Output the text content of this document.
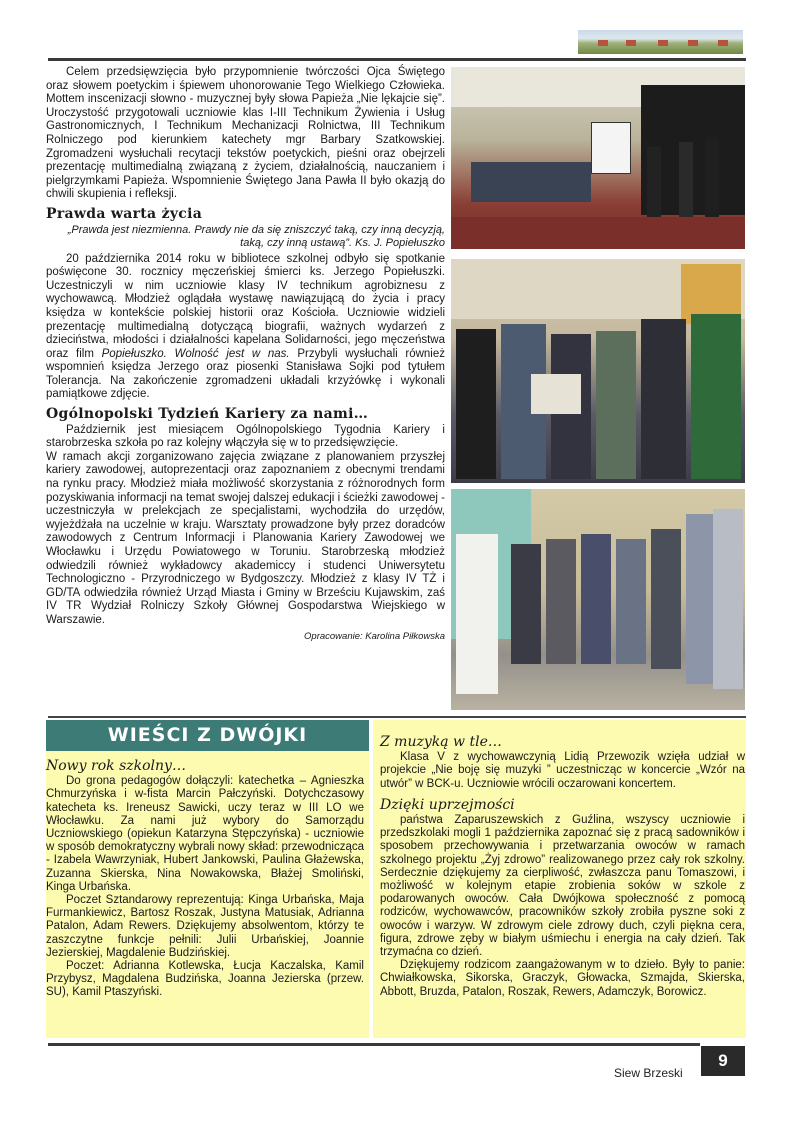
Celem przedsięwzięcia było przypomnienie twórczości Ojca Świętego oraz słowem poetyckim i śpiewem uhonorowanie Tego Wielkiego Człowieka. Mottem inscenizacji słowno - muzycznej były słowa Papieża „Nie lękajcie się”. Uroczystość przygotowali uczniowie klas I-III Technikum Żywienia i Usług Gastronomicznych, I Technikum Mechanizacji Rolnictwa, III Technikum Rolniczego pod kierunkiem katechety mgr Barbary Szatkowskiej. Zgromadzeni wysłuchali recytacji tekstów poetyckich, pieśni oraz obejrzeli prezentację multimedialną związaną z życiem, działalnością, nauczaniem i pielgrzymkami Papieża. Wspomnienie Świętego Jana Pawła II było okazją do chwili skupienia i refleksji.

Prawda warta życia
„Prawda jest niezmienna. Prawdy nie da się zniszczyć taką, czy inną decyzją, taką, czy inną ustawą”. Ks. J. Popiełuszko

20 października 2014 roku w bibliotece szkolnej odbyło się spotkanie poświęcone 30. rocznicy męczeńskiej śmierci ks. Jerzego Popiełuszki. Uczestniczyli w nim uczniowie klasy IV technikum agrobiznesu z wychowawcą. Młodzież oglądała wystawę nawiązującą do życia i pracy księdza w kontekście polskiej historii oraz Kościoła. Uczniowie widzieli prezentację multimedialną dotyczącą biografii, ważnych wydarzeń z dzieciństwa, młodości i działalności kapelana Solidarności, jego męczeństwa oraz film Popiełuszko. Wolność jest w nas. Przybyli wysłuchali również wspomnień księdza Jerzego oraz piosenki Stanisława Sojki pod tytułem Tolerancja. Na zakończenie zgromadzeni układali krzyżówkę i wykonali pamiątkowe zdjęcie.

Ogólnopolski Tydzień Kariery za nami…

Październik jest miesiącem Ogólnopolskiego Tygodnia Kariery i starobrzeska szkoła po raz kolejny włączyła się w to przedsięwzięcie.

W ramach akcji zorganizowano zajęcia związane z planowaniem przyszłej kariery zawodowej, autoprezentacji oraz zapoznaniem z obecnymi trendami na rynku pracy. Młodzież miała możliwość skorzystania z różnorodnych form pozyskiwania informacji na temat swojej dalszej edukacji i ścieżki zawodowej - uczestniczyła w prelekcjach ze specjalistami, wychodziła do urzędów, wyjeżdżała na uczelnie w kraju. Warsztaty prowadzone były przez doradców zawodowych z Centrum Informacji i Planowania Kariery Zawodowej we Włocławku i Urzędu Powiatowego w Toruniu. Starobrzeską młodzież odwiedzili również wykładowcy akademiccy i studenci Uniwersytetu Technologiczno - Przyrodniczego w Bydgoszczy. Młodzież z klasy IV TŻ i GD/TA odwiedziła również Urząd Miasta i Gminy w Brześciu Kujawskim, zaś IV TR Wydział Rolniczy Szkoły Głównej Gospodarstwa Wiejskiego w Warszawie.

Opracowanie: Karolina Piłkowska
WIEŚCI Z DWÓJKI
Nowy rok szkolny…

Do grona pedagogów dołączyli: katechetka – Agnieszka Chmurzyńska i w-fista Marcin Pałczyński. Dotychczasowy katecheta ks. Ireneusz Sawicki, uczy teraz w III LO we Włocławku. Za nami już wybory do Samorządu Uczniowskiego (opiekun Katarzyna Stępczyńska) - uczniowie w sposób demokratyczny wybrali nowy skład: przewodnicząca - Izabela Wawrzyniak, Hubert Jankowski, Paulina Głażewska, Zuzanna Skierska, Nina Nowakowska, Błażej Smoliński, Kinga Urbańska.

Poczet Sztandarowy reprezentują: Kinga Urbańska, Maja Furmankiewicz, Bartosz Roszak, Justyna Matusiak, Adrianna Patalon, Adam Rewers. Dziękujemy absolwentom, którzy te zaszczytne funkcje pełnili: Julii Urbańskiej, Joannie Jezierskiej, Magdalenie Budzińskiej.

Poczet: Adrianna Kotlewska, Łucja Kaczalska, Kamil Przybysz, Magdalena Budzińska, Joanna Jezierska (przew. SU), Kamil Ptaszyński.

Z muzyką w tle…

Klasa V z wychowawczynią Lidią Przewozik wzięła udział w projekcie „Nie boję się muzyki ” uczestnicząc w koncercie „Wzór na utwór” w BCK-u. Uczniowie wrócili oczarowani koncertem.

Dzięki uprzejmości

państwa Zaparuszewskich z Guźlina, wszyscy uczniowie i przedszkolaki mogli 1 października zapoznać się z pracą sadowników i sposobem przechowywania i przetwarzania owoców w ramach szkolnego projektu „Żyj zdrowo” realizowanego przez cały rok szkolny. Serdecznie dziękujemy za cierpliwość, zwłaszcza panu Tomaszowi, i możliwość w kolejnym etapie zrobienia soków w szkole z podarowanych owoców. Cała Dwójkowa społeczność z pomocą rodziców, wychowawców, pracowników szkoły zrobiła pyszne soki z owoców i warzyw. W zdrowym ciele zdrowy duch, czyli piękna cera, figura, zdrowe zęby w białym uśmiechu i energia na cały dzień. Tak trzymaćna co dzień.

Dziękujemy rodzicom zaangażowanym w to dzieło. Były to panie: Chwiałkowska, Sikorska, Graczyk, Głowacka, Szmajda, Skierska, Abbott, Bruzda, Patalon, Roszak, Rewers, Adamczyk, Borowicz.

Siew Brzeski
9
